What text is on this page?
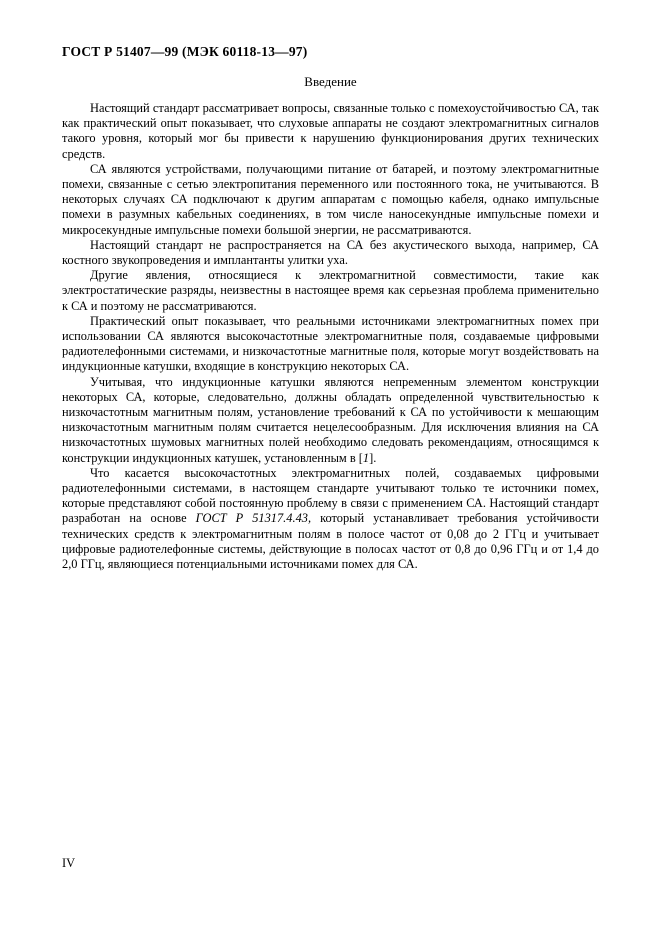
ГОСТ Р 51407—99 (МЭК 60118-13—97)
Введение

Настоящий стандарт рассматривает вопросы, связанные только с помехоустойчивостью СА, так как практический опыт показывает, что слуховые аппараты не создают электромагнитных сигналов такого уровня, который мог бы привести к нарушению функционирования других технических средств.

СА являются устройствами, получающими питание от батарей, и поэтому электромагнитные помехи, связанные с сетью электропитания переменного или постоянного тока, не учитываются. В некоторых случаях СА подключают к другим аппаратам с помощью кабеля, однако импульсные помехи в разумных кабельных соединениях, в том числе наносекундные импульсные помехи и микросекундные импульсные помехи большой энергии, не рассматриваются.

Настоящий стандарт не распространяется на СА без акустического выхода, например, СА костного звукопроведения и имплантанты улитки уха.

Другие явления, относящиеся к электромагнитной совместимости, такие как электростатические разряды, неизвестны в настоящее время как серьезная проблема применительно к СА и поэтому не рассматриваются.

Практический опыт показывает, что реальными источниками электромагнитных помех при использовании СА являются высокочастотные электромагнитные поля, создаваемые цифровыми радиотелефонными системами, и низкочастотные магнитные поля, которые могут воздействовать на индукционные катушки, входящие в конструкцию некоторых СА.

Учитывая, что индукционные катушки являются непременным элементом конструкции некоторых СА, которые, следовательно, должны обладать определенной чувствительностью к низкочастотным магнитным полям, установление требований к СА по устойчивости к мешающим низкочастотным магнитным полям считается нецелесообразным. Для исключения влияния на СА низкочастотных шумовых магнитных полей необходимо следовать рекомендациям, относящимся к конструкции индукционных катушек, установленным в [1].

Что касается высокочастотных электромагнитных полей, создаваемых цифровыми радиотелефонными системами, в настоящем стандарте учитывают только те источники помех, которые представляют собой постоянную проблему в связи с применением СА. Настоящий стандарт разработан на основе ГОСТ Р 51317.4.43, который устанавливает требования устойчивости технических средств к электромагнитным полям в полосе частот от 0,08 до 2 ГГц и учитывает цифровые радиотелефонные системы, действующие в полосах частот от 0,8 до 0,96 ГГц и от 1,4 до 2,0 ГГц, являющиеся потенциальными источниками помех для СА.

IV
